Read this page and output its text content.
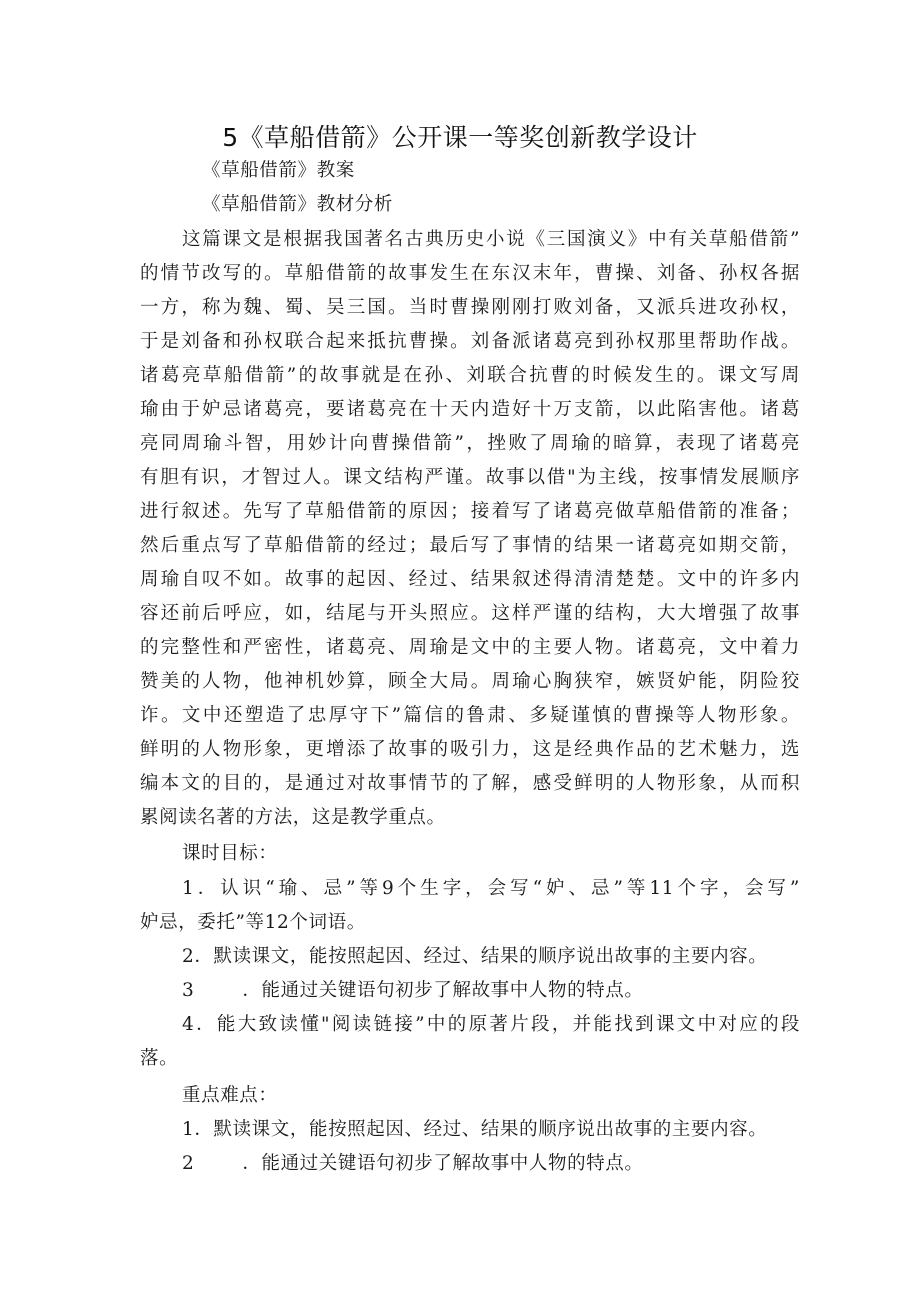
5《草船借箭》公开课一等奖创新教学设计
《草船借箭》教案
《草船借箭》教材分析
这篇课文是根据我国著名古典历史小说《三国演义》中有关草船借箭”
的情节改写的。草船借箭的故事发生在东汉末年，曹操、刘备、孙权各据
一方，称为魏、蜀、吴三国。当时曹操刚刚打败刘备，又派兵进攻孙权，
于是刘备和孙权联合起来抵抗曹操。刘备派诸葛亮到孙权那里帮助作战。
诸葛亮草船借箭”的故事就是在孙、刘联合抗曹的时候发生的。课文写周
瑜由于妒忌诸葛亮，要诸葛亮在十天内造好十万支箭，以此陷害他。诸葛
亮同周瑜斗智，用妙计向曹操借箭”，挫败了周瑜的暗算，表现了诸葛亮
有胆有识，才智过人。课文结构严谨。故事以借"为主线，按事情发展顺序
进行叙述。先写了草船借箭的原因；接着写了诸葛亮做草船借箭的准备；
然后重点写了草船借箭的经过；最后写了事情的结果一诸葛亮如期交箭，
周瑜自叹不如。故事的起因、经过、结果叙述得清清楚楚。文中的许多内
容还前后呼应，如，结尾与开头照应。这样严谨的结构，大大增强了故事
的完整性和严密性，诸葛亮、周瑜是文中的主要人物。诸葛亮，文中着力
赞美的人物，他神机妙算，顾全大局。周瑜心胸狭窄，嫉贤妒能，阴险狡
诈。文中还塑造了忠厚守下”篇信的鲁肃、多疑谨慎的曹操等人物形象。
鲜明的人物形象，更增添了故事的吸引力，这是经典作品的艺术魅力，选
编本文的目的，是通过对故事情节的了解，感受鲜明的人物形象，从而积
累阅读名著的方法，这是教学重点。
课时目标：
1．认识“瑜、忌”等9个生字，会写“妒、忌”等11个字，会写”
妒忌，委托”等12个词语。
2．默读课文，能按照起因、经过、结果的顺序说出故事的主要内容。
3	．能通过关键语句初步了解故事中人物的特点。
4．能大致读懂"阅读链接”中的原著片段，并能找到课文中对应的段
落。
重点难点：
1．默读课文，能按照起因、经过、结果的顺序说出故事的主要内容。
2	．能通过关键语句初步了解故事中人物的特点。
